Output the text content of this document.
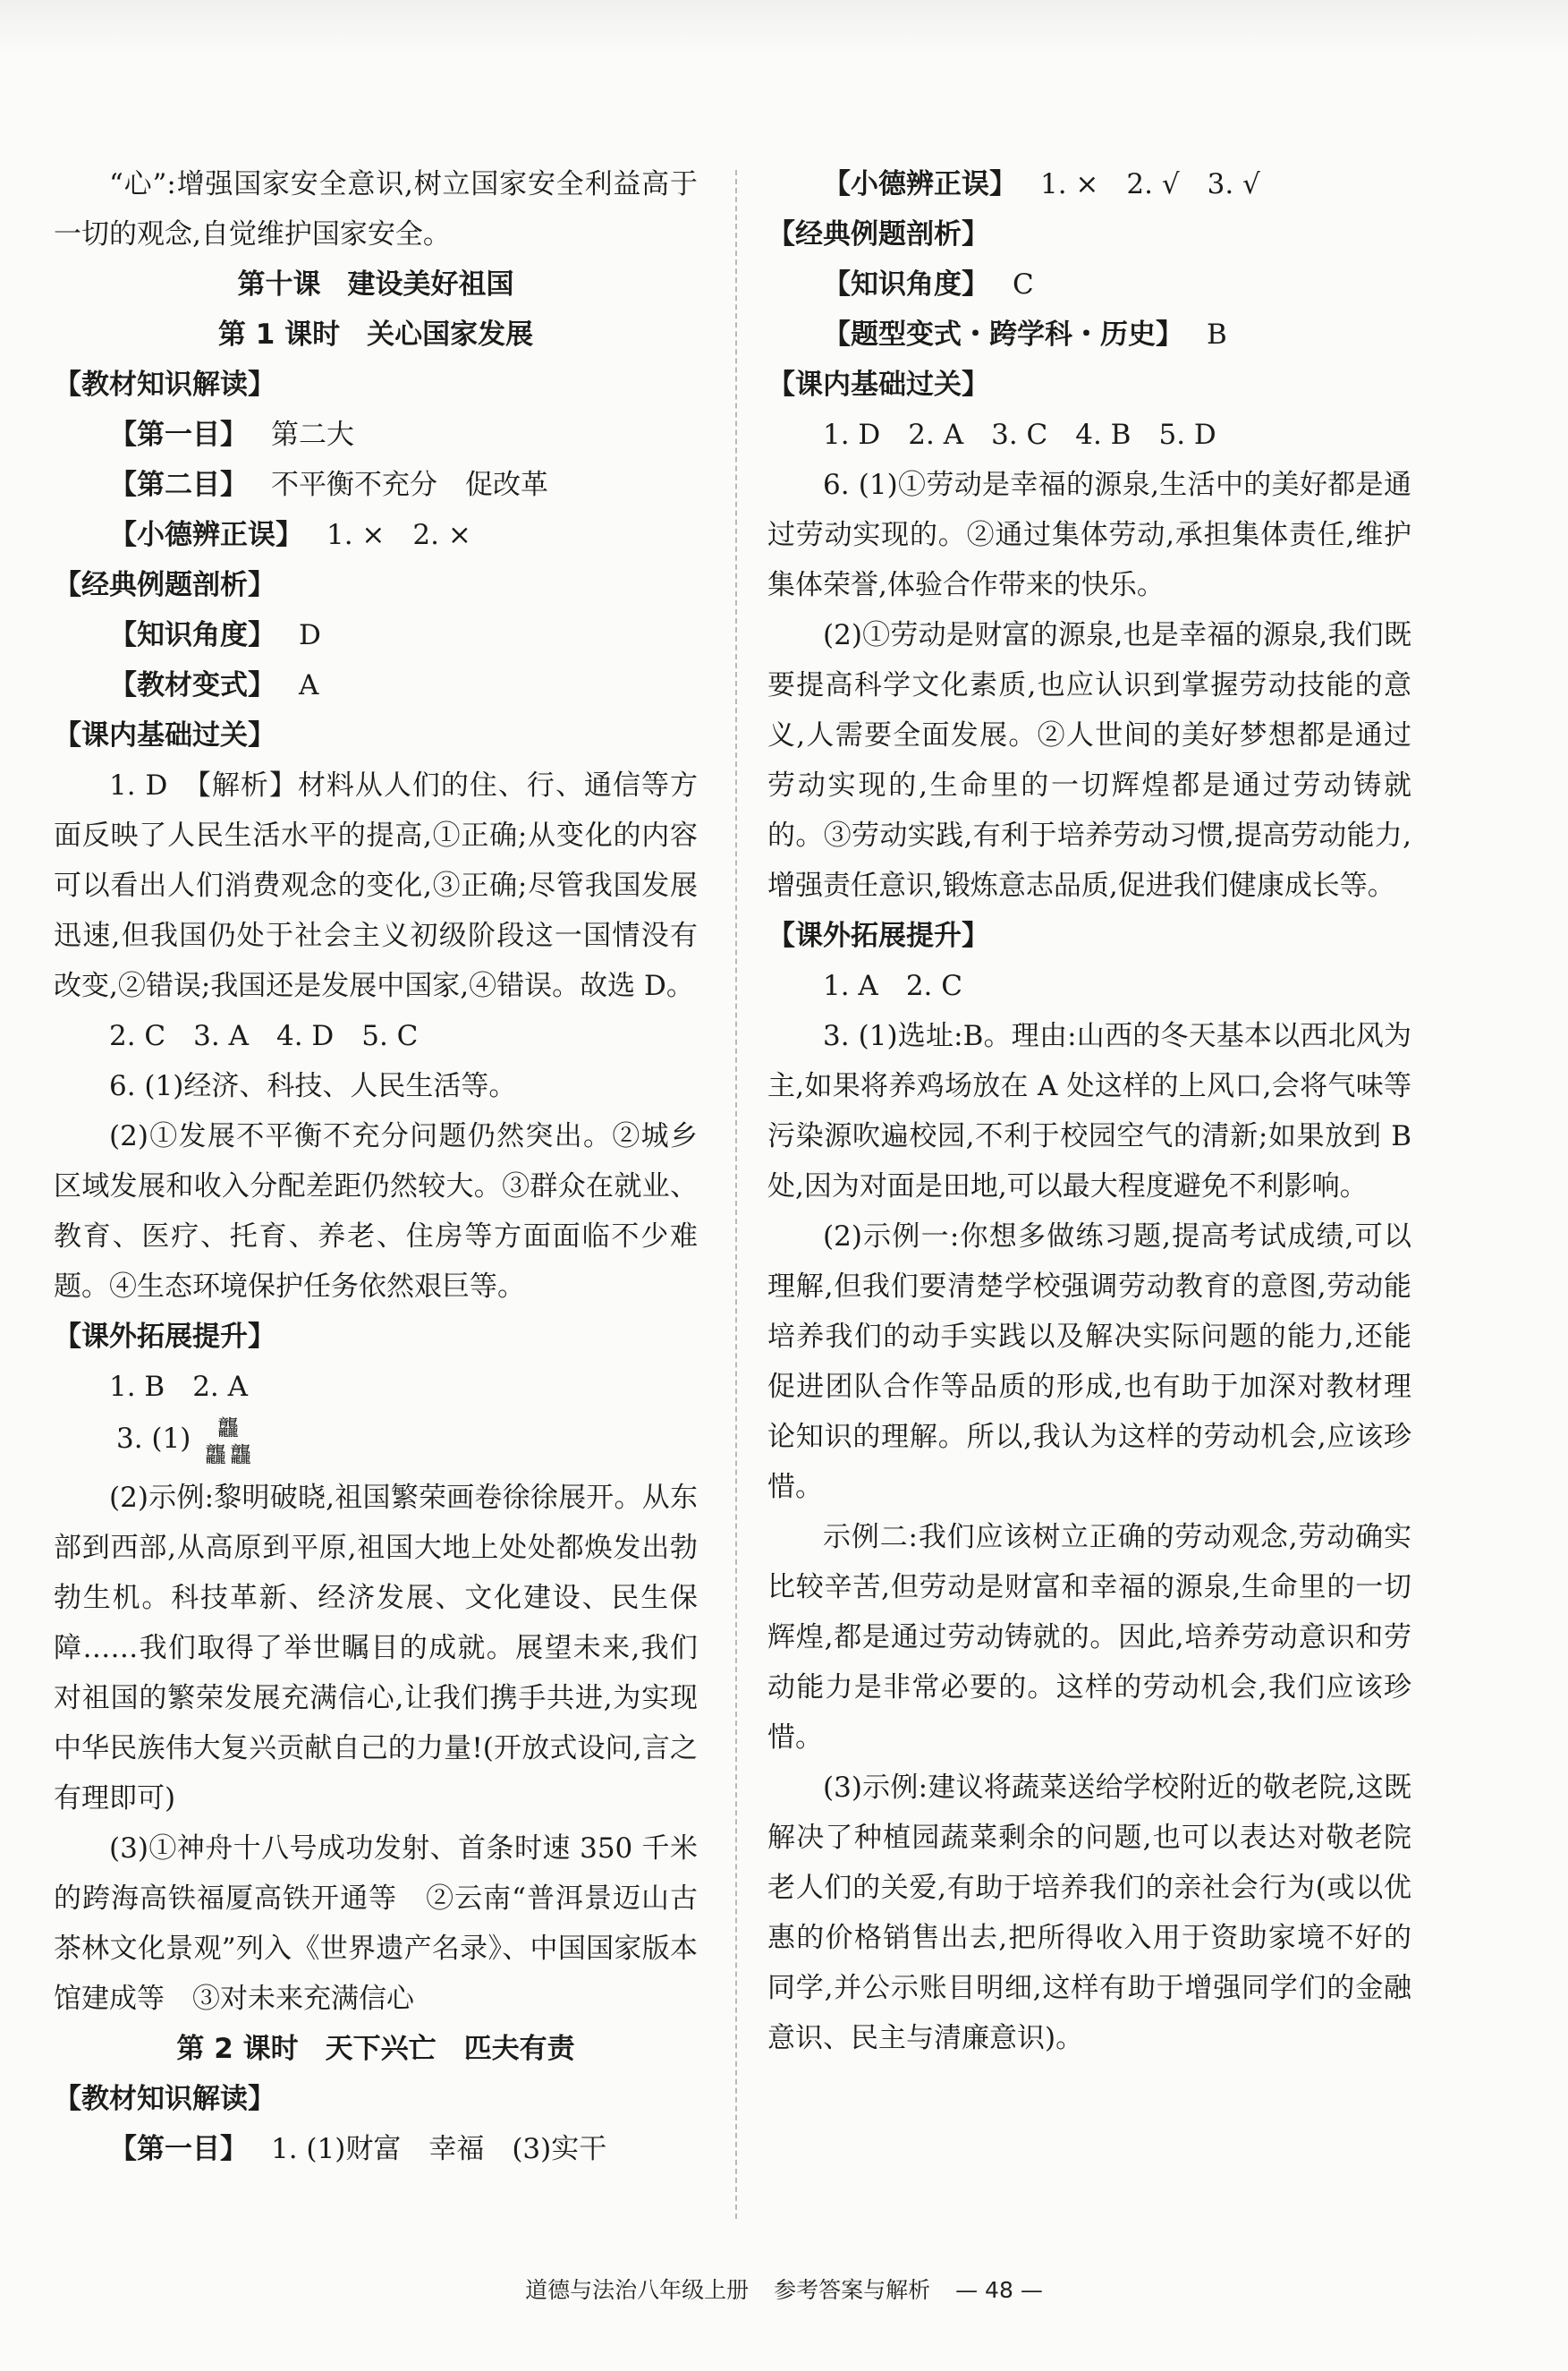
“心”:增强国家安全意识,树立国家安全利益高于一切的观念,自觉维护国家安全。

第十课 建设美好祖国

第 1 课时 关心国家发展

【教材知识解读】

【第一目】 第二大

【第二目】 不平衡不充分　促改革

【小德辨正误】 1. ×　2. ×

【经典例题剖析】

【知识角度】 D

【教材变式】 A

【课内基础过关】

1. D　【解析】材料从人们的住、行、通信等方面反映了人民生活水平的提高,①正确;从变化的内容可以看出人们消费观念的变化,③正确;尽管我国发展迅速,但我国仍处于社会主义初级阶段这一国情没有改变,②错误;我国还是发展中国家,④错误。故选 D。

2. C　3. A　4. D　5. C

6. (1)经济、科技、人民生活等。

(2)①发展不平衡不充分问题仍然突出。②城乡区域发展和收入分配差距仍然较大。③群众在就业、教育、医疗、托育、养老、住房等方面面临不少难题。④生态环境保护任务依然艰巨等。

【课外拓展提升】

1. B　2. A

3. (1) 龘
龘 龘

(2)示例:黎明破晓,祖国繁荣画卷徐徐展开。从东部到西部,从高原到平原,祖国大地上处处都焕发出勃勃生机。科技革新、经济发展、文化建设、民生保障……我们取得了举世瞩目的成就。展望未来,我们对祖国的繁荣发展充满信心,让我们携手共进,为实现中华民族伟大复兴贡献自己的力量!(开放式设问,言之有理即可)

(3)①神舟十八号成功发射、首条时速 350 千米的跨海高铁福厦高铁开通等　②云南“普洱景迈山古茶林文化景观”列入《世界遗产名录》、中国国家版本馆建成等　③对未来充满信心

第 2 课时 天下兴亡　匹夫有责

【教材知识解读】

【第一目】 1. (1)财富　幸福　(3)实干

【小德辨正误】 1. ×　2. √　3. √

【经典例题剖析】

【知识角度】 C

【题型变式・跨学科・历史】 B

【课内基础过关】

1. D　2. A　3. C　4. B　5. D

6. (1)①劳动是幸福的源泉,生活中的美好都是通过劳动实现的。②通过集体劳动,承担集体责任,维护集体荣誉,体验合作带来的快乐。

(2)①劳动是财富的源泉,也是幸福的源泉,我们既要提高科学文化素质,也应认识到掌握劳动技能的意义,人需要全面发展。②人世间的美好梦想都是通过劳动实现的,生命里的一切辉煌都是通过劳动铸就的。③劳动实践,有利于培养劳动习惯,提高劳动能力,增强责任意识,锻炼意志品质,促进我们健康成长等。

【课外拓展提升】

1. A　2. C

3. (1)选址:B。理由:山西的冬天基本以西北风为主,如果将养鸡场放在 A 处这样的上风口,会将气味等污染源吹遍校园,不利于校园空气的清新;如果放到 B 处,因为对面是田地,可以最大程度避免不利影响。

(2)示例一:你想多做练习题,提高考试成绩,可以理解,但我们要清楚学校强调劳动教育的意图,劳动能培养我们的动手实践以及解决实际问题的能力,还能促进团队合作等品质的形成,也有助于加深对教材理论知识的理解。所以,我认为这样的劳动机会,应该珍惜。

示例二:我们应该树立正确的劳动观念,劳动确实比较辛苦,但劳动是财富和幸福的源泉,生命里的一切辉煌,都是通过劳动铸就的。因此,培养劳动意识和劳动能力是非常必要的。这样的劳动机会,我们应该珍惜。

(3)示例:建议将蔬菜送给学校附近的敬老院,这既解决了种植园蔬菜剩余的问题,也可以表达对敬老院老人们的关爱,有助于培养我们的亲社会行为(或以优惠的价格销售出去,把所得收入用于资助家境不好的同学,并公示账目明细,这样有助于增强同学们的金融意识、民主与清廉意识)。

道德与法治八年级上册 参考答案与解析 — 48 —
